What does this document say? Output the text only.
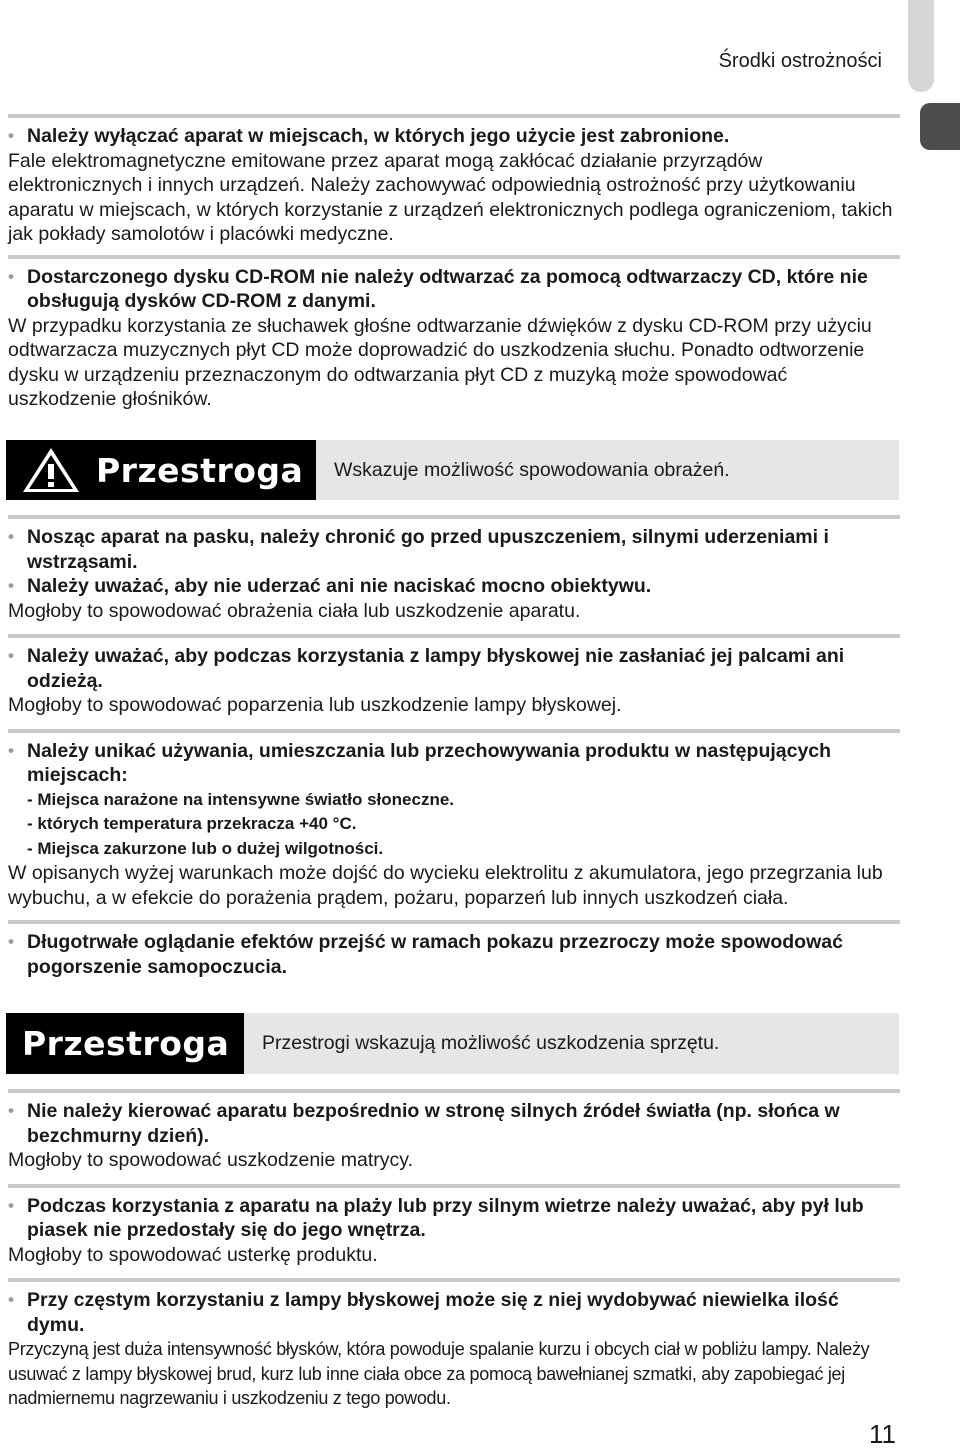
Środki ostrożności
• Należy wyłączać aparat w miejscach, w których jego użycie jest zabronione.
Fale elektromagnetyczne emitowane przez aparat mogą zakłócać działanie przyrządów elektronicznych i innych urządzeń. Należy zachowywać odpowiednią ostrożność przy użytkowaniu aparatu w miejscach, w których korzystanie z urządzeń elektronicznych podlega ograniczeniom, takich jak pokłady samolotów i placówki medyczne.
• Dostarczonego dysku CD-ROM nie należy odtwarzać za pomocą odtwarzaczy CD, które nie obsługują dysków CD-ROM z danymi.
W przypadku korzystania ze słuchawek głośne odtwarzanie dźwięków z dysku CD-ROM przy użyciu odtwarzacza muzycznych płyt CD może doprowadzić do uszkodzenia słuchu. Ponadto odtworzenie dysku w urządzeniu przeznaczonym do odtwarzania płyt CD z muzyką może spowodować uszkodzenie głośników.
Przestroga Wskazuje możliwość spowodowania obrażeń.
• Nosząc aparat na pasku, należy chronić go przed upuszczeniem, silnymi uderzeniami i wstrząsami.
• Należy uważać, aby nie uderzać ani nie naciskać mocno obiektywu.
Mogłoby to spowodować obrażenia ciała lub uszkodzenie aparatu.
• Należy uważać, aby podczas korzystania z lampy błyskowej nie zasłaniać jej palcami ani odzieżą.
Mogłoby to spowodować poparzenia lub uszkodzenie lampy błyskowej.
• Należy unikać używania, umieszczania lub przechowywania produktu w następujących miejscach:
- Miejsca narażone na intensywne światło słoneczne.
- których temperatura przekracza +40 °C.
- Miejsca zakurzone lub o dużej wilgotności.
W opisanych wyżej warunkach może dojść do wycieku elektrolitu z akumulatora, jego przegrzania lub wybuchu, a w efekcie do porażenia prądem, pożaru, poparzeń lub innych uszkodzeń ciała.
• Długotrwałe oglądanie efektów przejść w ramach pokazu przezroczy może spowodować pogorszenie samopoczucia.
Przestroga Przestrogi wskazują możliwość uszkodzenia sprzętu.
• Nie należy kierować aparatu bezpośrednio w stronę silnych źródeł światła (np. słońca w bezchmurny dzień).
Mogłoby to spowodować uszkodzenie matrycy.
• Podczas korzystania z aparatu na plaży lub przy silnym wietrze należy uważać, aby pył lub piasek nie przedostały się do jego wnętrza.
Mogłoby to spowodować usterkę produktu.
• Przy częstym korzystaniu z lampy błyskowej może się z niej wydobywać niewielka ilość dymu.
Przyczyną jest duża intensywność błysków, która powoduje spalanie kurzu i obcych ciał w pobliżu lampy. Należy usuwać z lampy błyskowej brud, kurz lub inne ciała obce za pomocą bawełnianej szmatki, aby zapobiegać jej nadmiernemu nagrzewaniu i uszkodzeniu z tego powodu.
11
